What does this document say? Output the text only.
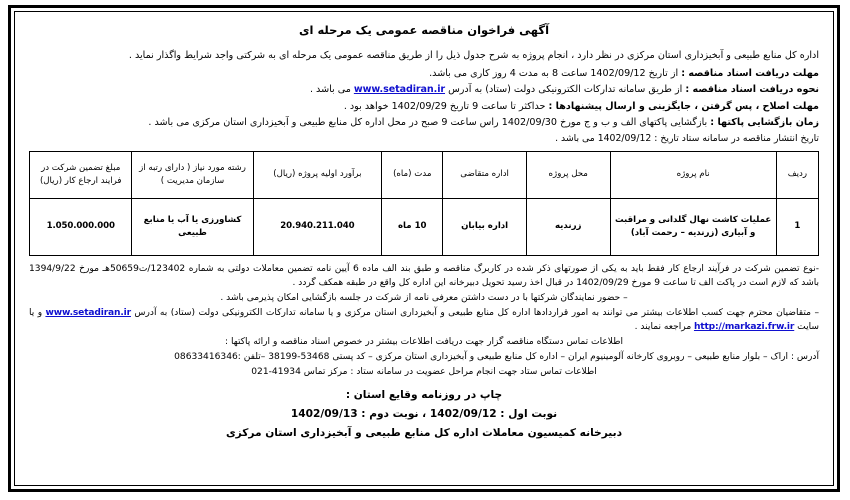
آگهی فراخوان مناقصه عمومی یک مرحله ای

اداره کل منابع طبیعی و آبخیزداری استان مرکزی در نظر دارد ، انجام پروژه به شرح جدول ذیل را از طریق مناقصه عمومی یک مرحله ای به شرکتی واجد شرایط واگذار نماید .

مهلت دریافت اسناد مناقصه : از تاریخ 1402/09/12 ساعت 8 به مدت 4 روز کاری می باشد.

نحوه دریافت اسناد مناقصه : از طریق سامانه تدارکات الکترونیکی دولت (ستاد) به آدرس www.setadiran.ir می باشد .

مهلت اصلاح ، پس گرفتن ، جایگزینی و ارسال پیشنهادها : حداکثر تا ساعت 9 تاریخ 1402/09/29 خواهد بود .

زمان بازگشایی پاکتها : بازگشایی پاکتهای الف و ب و ج مورخ 1402/09/30 راس ساعت 9 صبح در محل اداره کل منابع طبیعی و آبخیزداری استان مرکزی می باشد .

تاریخ انتشار مناقصه در سامانه ستاد تاریخ : 1402/09/12 می باشد .

ردیف	نام پروژه	محل پروژه	اداره متقاضی	مدت (ماه)	برآورد اولیه پروژه (ریال)	رشته مورد نیاز ( دارای رتبه از سازمان مدیریت )	مبلغ تضمین شرکت در فرایند ارجاع کار (ریال)
1	عملیات کاشت نهال گلدانی و مراقبت و آبیاری (زرندیه – رحمت آباد)	زرندیه	اداره بیابان	10 ماه	20.940.211.040	کشاورزی یا آب یا منابع طبیعی	1.050.000.000

-نوع تضمین شرکت در فرآیند ارجاع کار فقط باید به یکی از صورتهای ذکر شده در کاربرگ مناقصه و طبق بند الف ماده 6 آیین نامه تضمین معاملات دولتی به شماره 123402/ت50659هـ مورخ 1394/9/22 باشد که لازم است در پاکت الف تا ساعت 9 مورخ 1402/09/29 در قبال اخذ رسید تحویل دبیرخانه این اداره کل واقع در طبقه همکف گردد .

– حضور نمایندگان شرکتها با در دست داشتن معرفی نامه از شرکت در جلسه بازگشایی امکان پذیرمی باشد .

– متقاضیان محترم جهت کسب اطلاعات بیشتر می توانند به امور قراردادها اداره کل منابع طبیعی و آبخیزداری استان مرکزی و یا سامانه تدارکات الکترونیکی دولت (ستاد) به آدرس www.setadiran.ir و یا سایت http://markazi.frw.ir مراجعه نمایند .

اطلاعات تماس دستگاه مناقصه گزار جهت دریافت اطلاعات بیشتر در خصوص اسناد مناقصه و ارائه پاکتها :

آدرس : اراک – بلوار منابع طبیعی – روبروی کارخانه آلومینیوم ایران – اداره کل منابع طبیعی و آبخیزداری استان مرکزی – کد پستی 53468-38199 –تلفن :08633416346

اطلاعات تماس ستاد جهت انجام مراحل عضویت در سامانه ستاد : مرکز تماس 41934-021

چاپ در روزنامه وقایع استان :

نوبت اول : 1402/09/12 ، نوبت دوم : 1402/09/13

دبیرخانه کمیسیون معاملات اداره کل منابع طبیعی و آبخیزداری استان مرکزی
